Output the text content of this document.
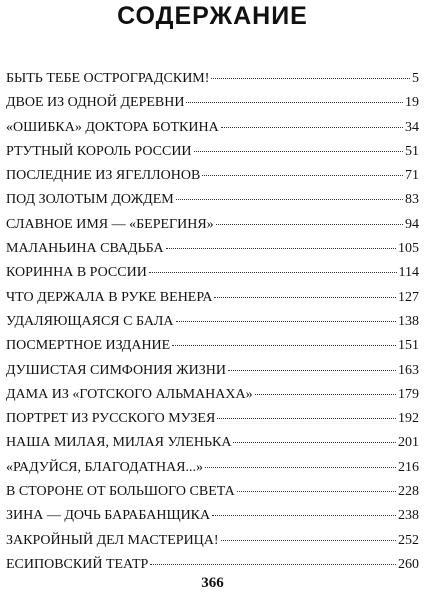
СОДЕРЖАНИЕ
БЫТЬ ТЕБЕ ОСТРОГРАДСКИМ!	5
ДВОЕ ИЗ ОДНОЙ ДЕРЕВНИ	19
«ОШИБКА» ДОКТОРА БОТКИНА	34
РТУТНЫЙ КОРОЛЬ РОССИИ	51
ПОСЛЕДНИЕ ИЗ ЯГЕЛЛОНОВ	71
ПОД ЗОЛОТЫМ ДОЖДЕМ	83
СЛАВНОЕ ИМЯ — «БЕРЕГИНЯ»	94
МАЛАНЬИНА СВАДЬБА	105
КОРИННА В РОССИИ	114
ЧТО ДЕРЖАЛА В РУКЕ ВЕНЕРА	127
УДАЛЯЮЩАЯСЯ С БАЛА	138
ПОСМЕРТНОЕ ИЗДАНИЕ	151
ДУШИСТАЯ СИМФОНИЯ ЖИЗНИ	163
ДАМА ИЗ «ГОТСКОГО АЛЬМАНАХА»	179
ПОРТРЕТ ИЗ РУССКОГО МУЗЕЯ	192
НАША МИЛАЯ, МИЛАЯ УЛЕНЬКА	201
«РАДУЙСЯ, БЛАГОДАТНАЯ...»	216
В СТОРОНЕ ОТ БОЛЬШОГО СВЕТА	228
ЗИНА — ДОЧЬ БАРАБАНЩИКА	238
ЗАКРОЙНЫЙ ДЕЛ МАСТЕРИЦА!	252
ЕСИПОВСКИЙ ТЕАТР	260
366
